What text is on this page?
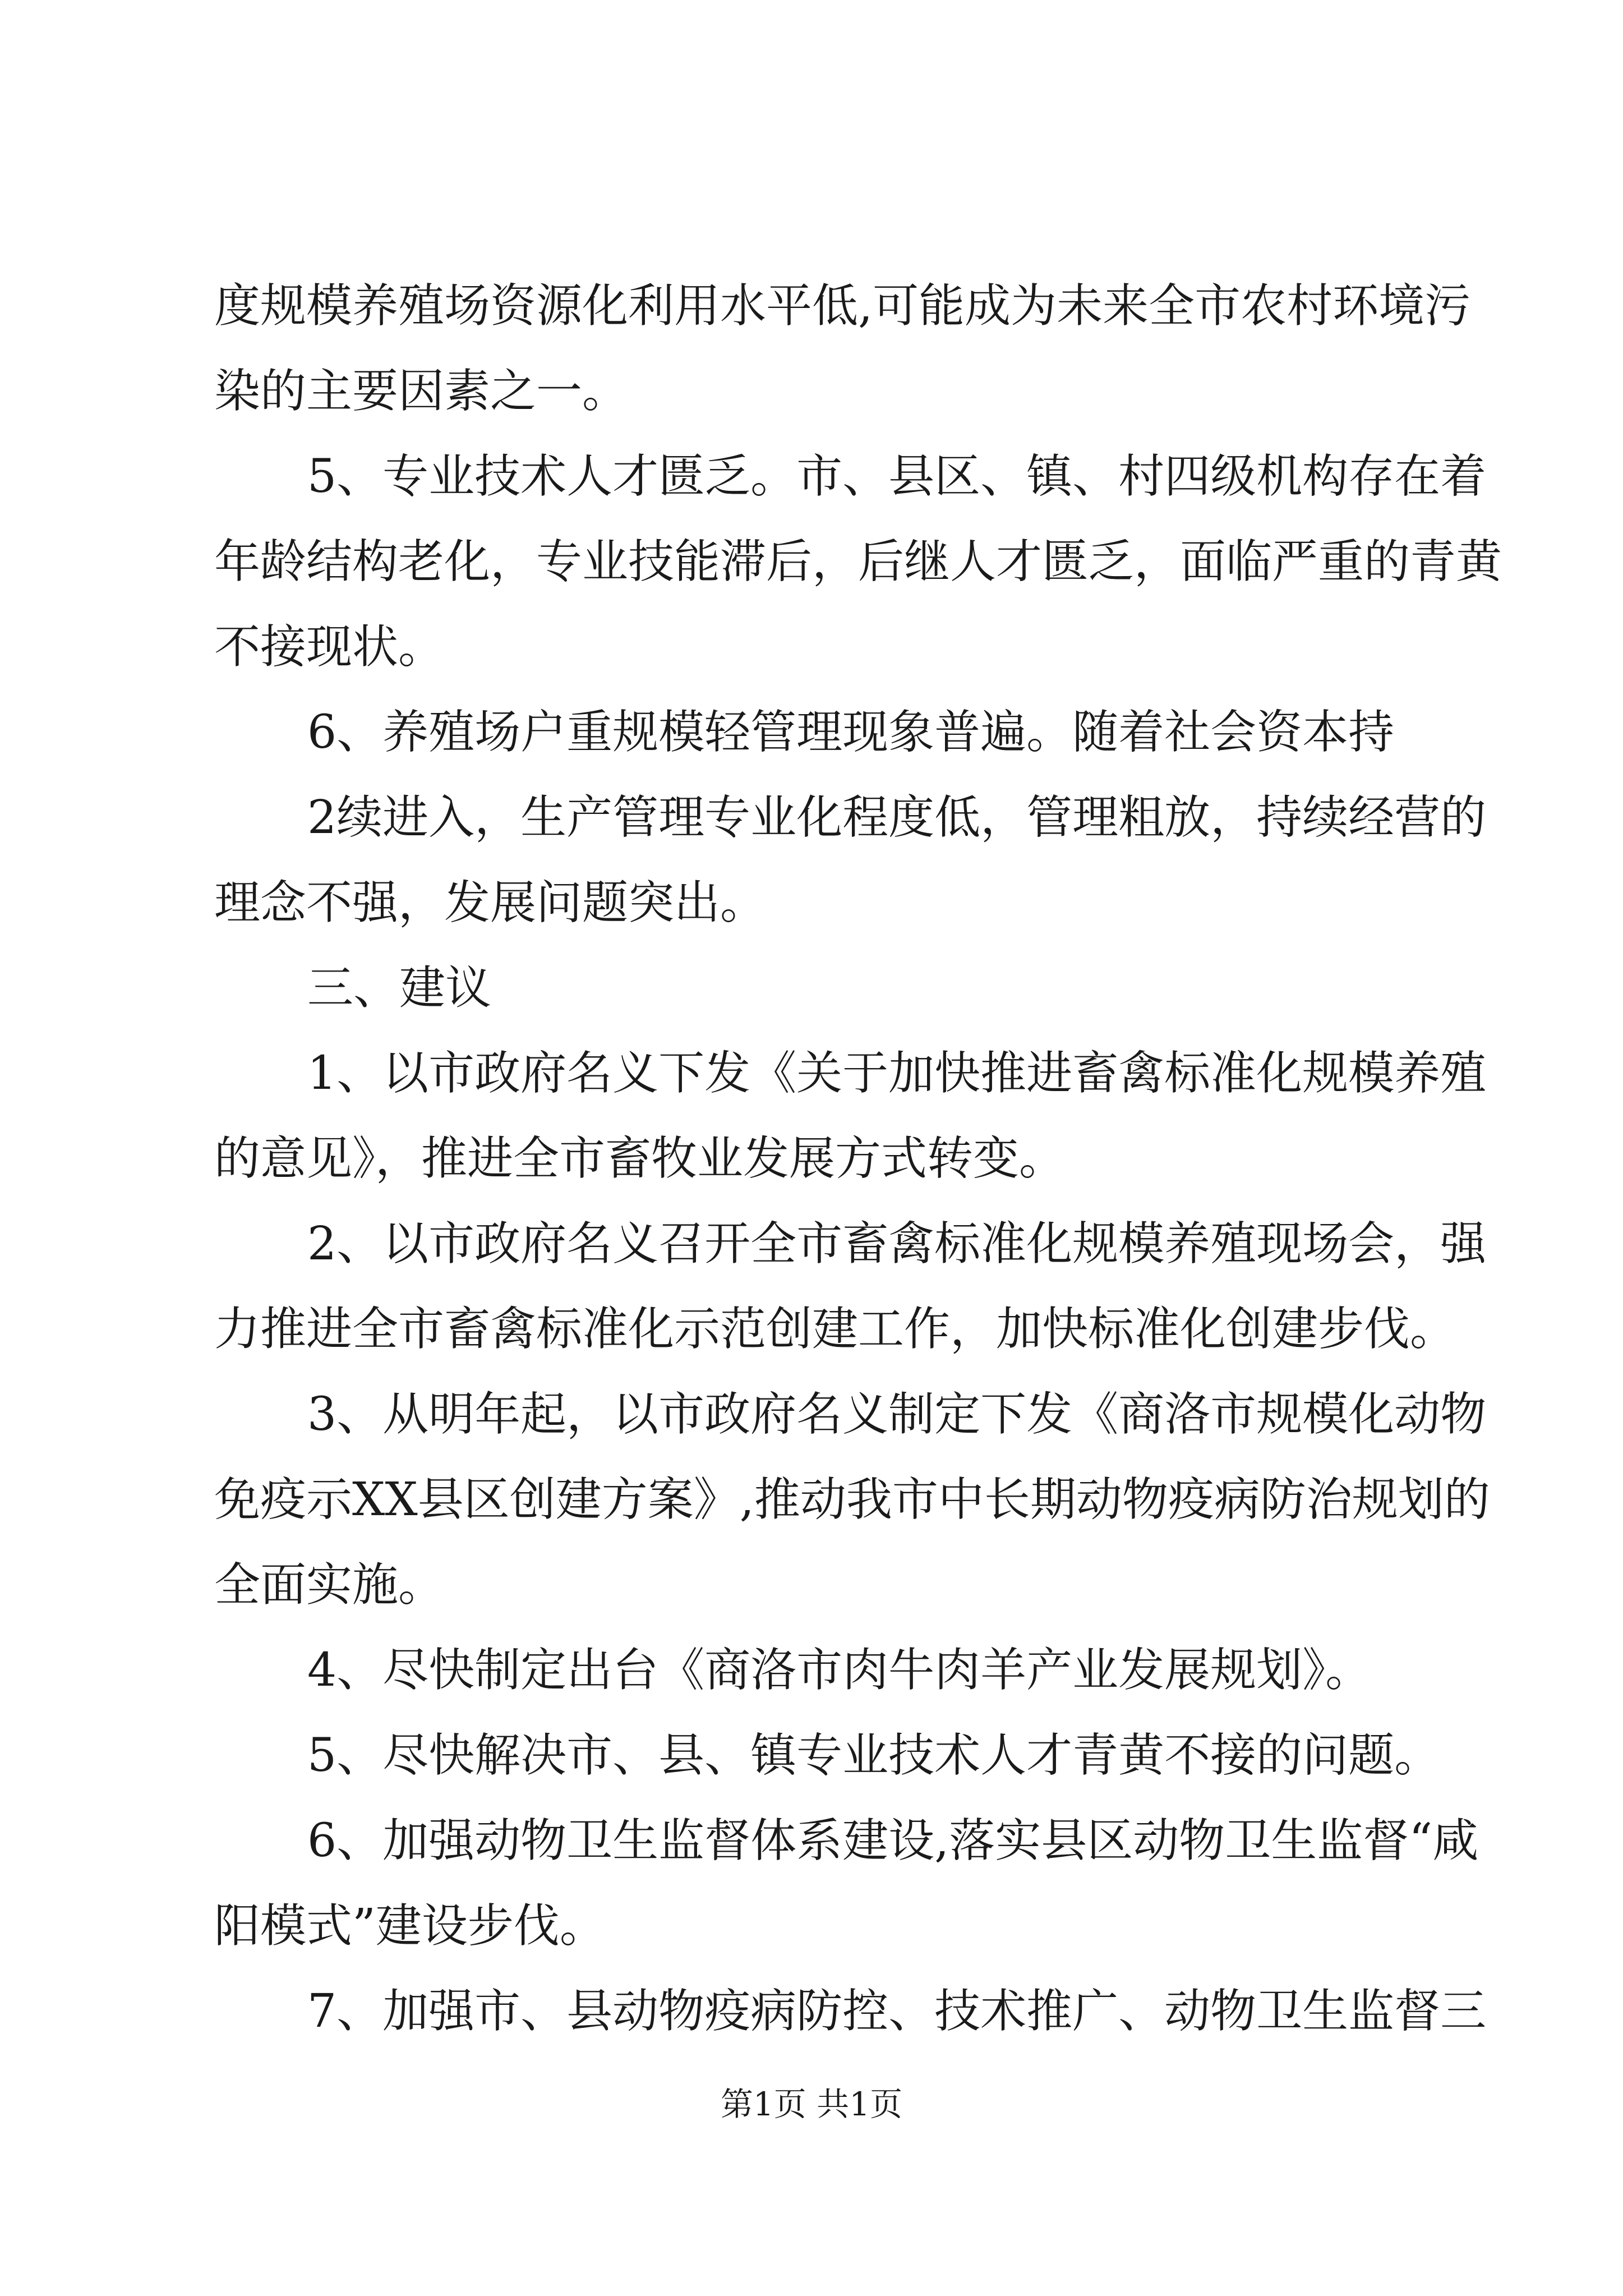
度规模养殖场资源化利用水平低,可能成为未来全市农村环境污
染的主要因素之一。
5、专业技术人才匮乏。市、县区、镇、村四级机构存在着
年龄结构老化，专业技能滞后，后继人才匮乏，面临严重的青黄
不接现状。
6、养殖场户重规模轻管理现象普遍。随着社会资本持
2续进入，生产管理专业化程度低，管理粗放，持续经营的
理念不强，发展问题突出。
三、建议
1、以市政府名义下发《关于加快推进畜禽标准化规模养殖
的意见》，推进全市畜牧业发展方式转变。
2、以市政府名义召开全市畜禽标准化规模养殖现场会，强
力推进全市畜禽标准化示范创建工作，加快标准化创建步伐。
3、从明年起，以市政府名义制定下发《商洛市规模化动物
免疫示XX县区创建方案》,推动我市中长期动物疫病防治规划的
全面实施。
4、尽快制定出台《商洛市肉牛肉羊产业发展规划》。
5、尽快解决市、县、镇专业技术人才青黄不接的问题。
6、加强动物卫生监督体系建设,落实县区动物卫生监督“咸
阳模式”建设步伐。
7、加强市、县动物疫病防控、技术推广、动物卫生监督三
第1页 共1页
